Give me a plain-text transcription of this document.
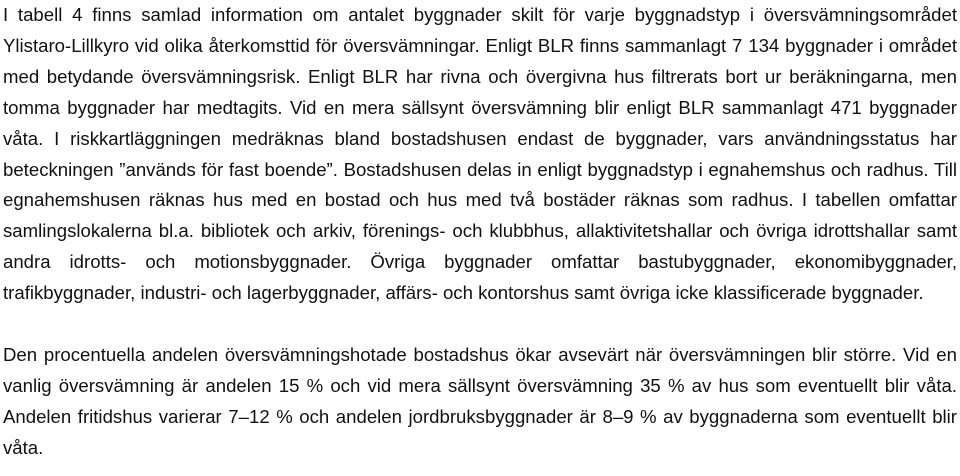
I tabell 4 finns samlad information om antalet byggnader skilt för varje byggnadstyp i översvämningsområdet Ylistaro-Lillkyro vid olika återkomsttid för översvämningar. Enligt BLR finns sammanlagt 7 134 byggnader i området med betydande översvämningsrisk. Enligt BLR har rivna och övergivna hus filtrerats bort ur beräkningarna, men tomma byggnader har medtagits. Vid en mera sällsynt översvämning blir enligt BLR sammanlagt 471 byggnader våta. I riskkartläggningen medräknas bland bostadshusen endast de byggnader, vars användningsstatus har beteckningen ”används för fast boende”. Bostadshusen delas in enligt byggnadstyp i egnahemshus och radhus. Till egnahemshusen räknas hus med en bostad och hus med två bostäder räknas som radhus. I tabellen omfattar samlingslokalerna bl.a. bibliotek och arkiv, förenings- och klubbhus, allaktivitetshallar och övriga idrottshallar samt andra idrotts- och motionsbyggnader. Övriga byggnader omfattar bastubyggnader, ekonomibyggnader, trafikbyggnader, industri- och lagerbyggnader, affärs- och kontorshus samt övriga icke klassificerade byggnader.

Den procentuella andelen översvämningshotade bostadshus ökar avsevärt när översvämningen blir större. Vid en vanlig översvämning är andelen 15 % och vid mera sällsynt översvämning 35 % av hus som eventuellt blir våta. Andelen fritidshus varierar 7–12 % och andelen jordbruksbyggnader är 8–9 % av byggnaderna som eventuellt blir våta.
